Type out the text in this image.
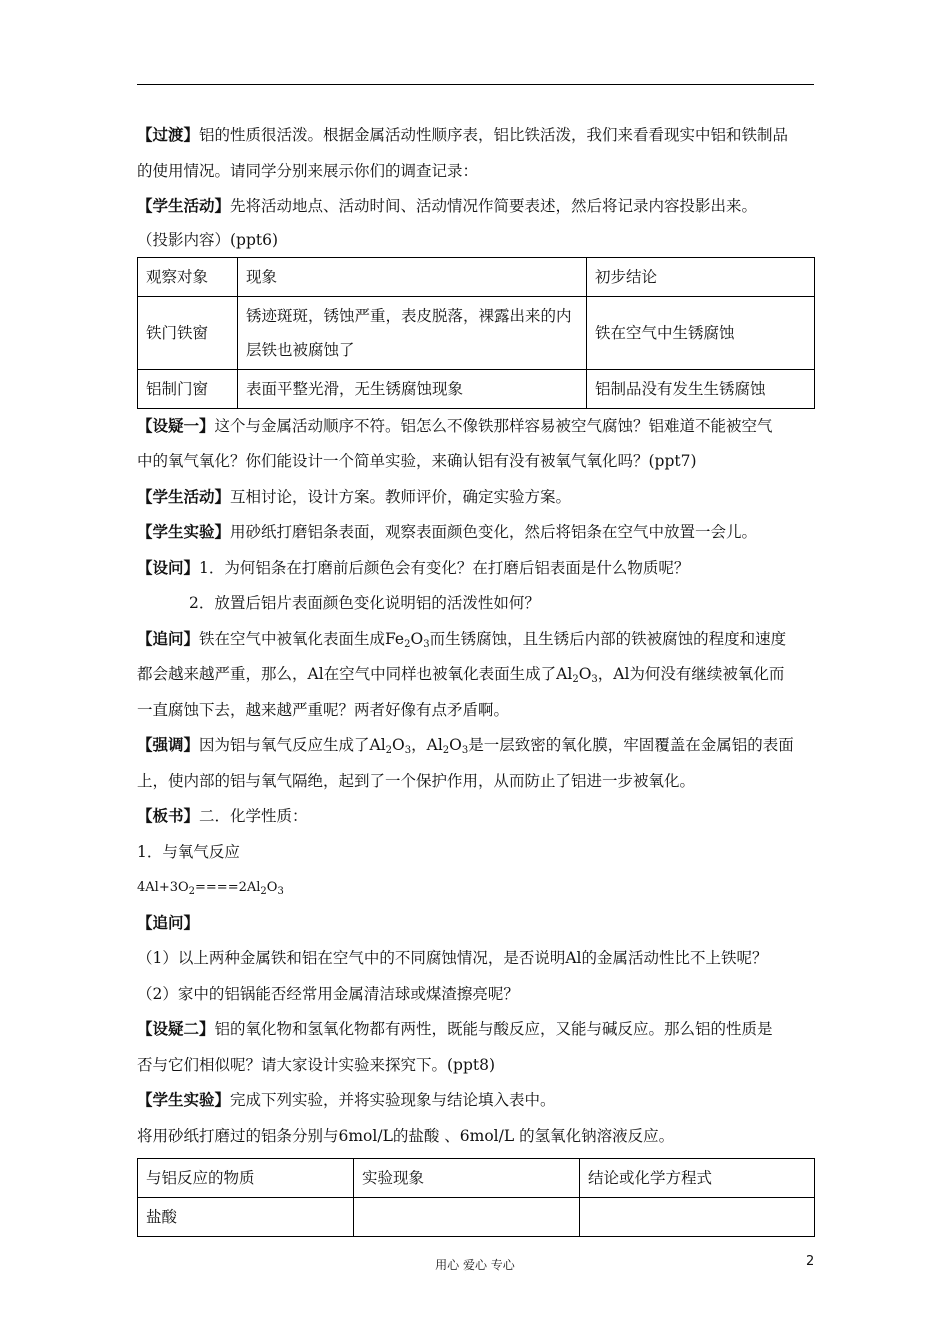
【过渡】铝的性质很活泼。根据金属活动性顺序表，铝比铁活泼，我们来看看现实中铝和铁制品
的使用情况。请同学分别来展示你们的调查记录：
【学生活动】先将活动地点、活动时间、活动情况作简要表述，然后将记录内容投影出来。
（投影内容）(ppt6)
观察对象	现象	初步结论
铁门铁窗	锈迹斑斑，锈蚀严重，表皮脱落，裸露出来的内层铁也被腐蚀了	铁在空气中生锈腐蚀
铝制门窗	表面平整光滑，无生锈腐蚀现象	铝制品没有发生生锈腐蚀
【设疑一】这个与金属活动顺序不符。铝怎么不像铁那样容易被空气腐蚀？铝难道不能被空气
中的氧气氧化？你们能设计一个简单实验，来确认铝有没有被氧气氧化吗？(ppt7)
【学生活动】互相讨论，设计方案。教师评价，确定实验方案。
【学生实验】用砂纸打磨铝条表面，观察表面颜色变化，然后将铝条在空气中放置一会儿。
【设问】1．为何铝条在打磨前后颜色会有变化？在打磨后铝表面是什么物质呢？
2．放置后铝片表面颜色变化说明铝的活泼性如何？
【追问】铁在空气中被氧化表面生成$Fe_2O_3$而生锈腐蚀，且生锈后内部的铁被腐蚀的程度和速度
都会越来越严重，那么，Al在空气中同样也被氧化表面生成了$Al_2O_3$，Al为何没有继续被氧化而
一直腐蚀下去，越来越严重呢？两者好像有点矛盾啊。
【强调】因为铝与氧气反应生成了$Al_2O_3$，$Al_2O_3$是一层致密的氧化膜，牢固覆盖在金属铝的表面
上，使内部的铝与氧气隔绝，起到了一个保护作用，从而防止了铝进一步被氧化。
【板书】二．化学性质：
1．与氧气反应
$4Al+3O_2====2Al_2O_3$
【追问】
（1）以上两种金属铁和铝在空气中的不同腐蚀情况，是否说明Al的金属活动性比不上铁呢？
（2）家中的铝锅能否经常用金属清洁球或煤渣擦亮呢？
【设疑二】铝的氧化物和氢氧化物都有两性，既能与酸反应，又能与碱反应。那么铝的性质是
否与它们相似呢？请大家设计实验来探究下。(ppt8)
【学生实验】完成下列实验，并将实验现象与结论填入表中。
将用砂纸打磨过的铝条分别与6mol/L的盐酸 、6mol/L 的氢氧化钠溶液反应。
与铝反应的物质	实验现象	结论或化学方程式
盐酸		
用心 爱心 专心	2
